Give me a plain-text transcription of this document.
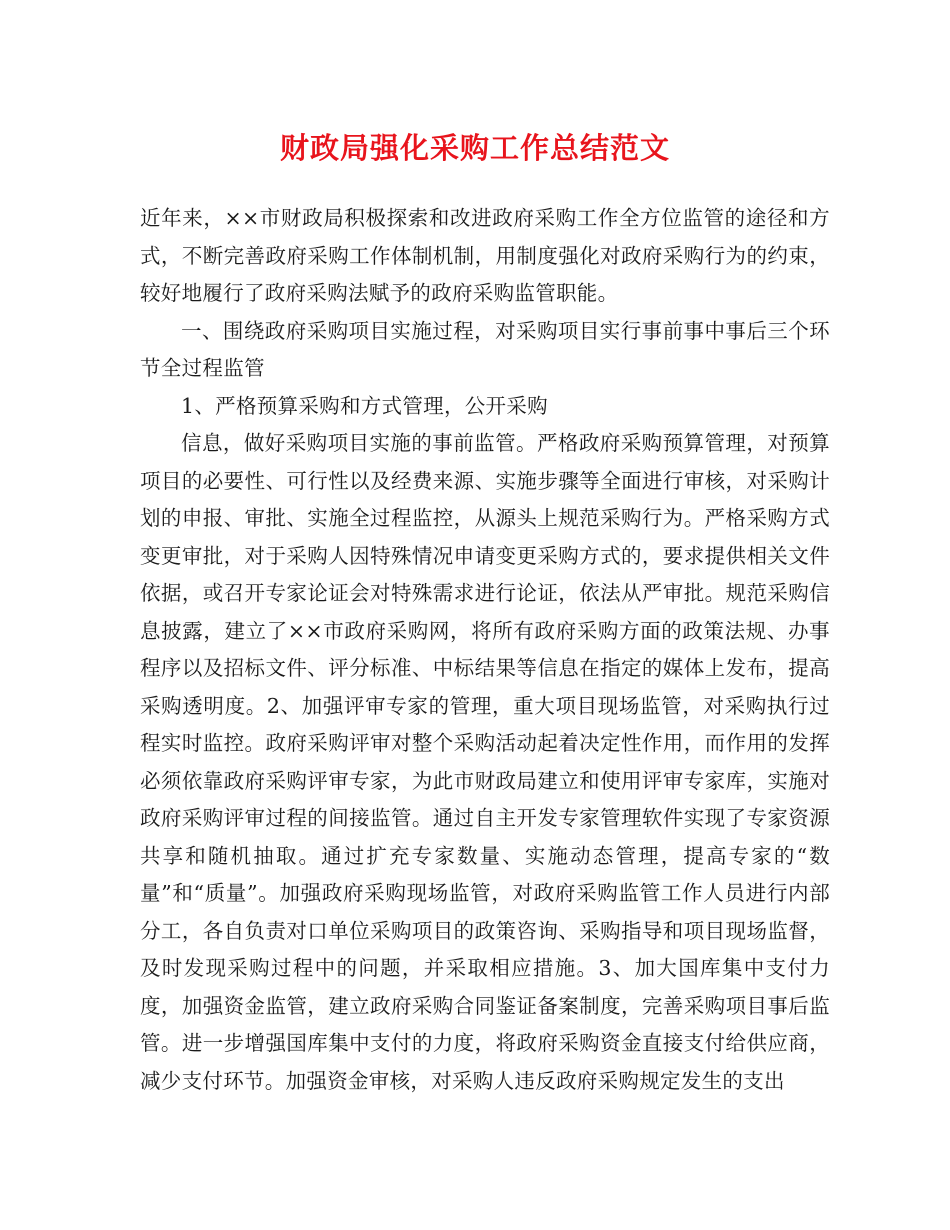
财政局强化采购工作总结范文

近年来，××市财政局积极探索和改进政府采购工作全方位监管的途径和方式，不断完善政府采购工作体制机制，用制度强化对政府采购行为的约束，较好地履行了政府采购法赋予的政府采购监管职能。

一、围绕政府采购项目实施过程，对采购项目实行事前事中事后三个环节全过程监管

1、严格预算采购和方式管理，公开采购

信息，做好采购项目实施的事前监管。严格政府采购预算管理，对预算项目的必要性、可行性以及经费来源、实施步骤等全面进行审核，对采购计划的申报、审批、实施全过程监控，从源头上规范采购行为。严格采购方式变更审批，对于采购人因特殊情况申请变更采购方式的，要求提供相关文件依据，或召开专家论证会对特殊需求进行论证，依法从严审批。规范采购信息披露，建立了××市政府采购网，将所有政府采购方面的政策法规、办事程序以及招标文件、评分标准、中标结果等信息在指定的媒体上发布，提高采购透明度。2、加强评审专家的管理，重大项目现场监管，对采购执行过程实时监控。政府采购评审对整个采购活动起着决定性作用，而作用的发挥必须依靠政府采购评审专家，为此市财政局建立和使用评审专家库，实施对政府采购评审过程的间接监管。通过自主开发专家管理软件实现了专家资源共享和随机抽取。通过扩充专家数量、实施动态管理，提高专家的“数量”和“质量”。加强政府采购现场监管，对政府采购监管工作人员进行内部分工，各自负责对口单位采购项目的政策咨询、采购指导和项目现场监督，及时发现采购过程中的问题，并采取相应措施。3、加大国库集中支付力度，加强资金监管，建立政府采购合同鉴证备案制度，完善采购项目事后监管。进一步增强国库集中支付的力度，将政府采购资金直接支付给供应商，减少支付环节。加强资金审核，对采购人违反政府采购规定发生的支出
